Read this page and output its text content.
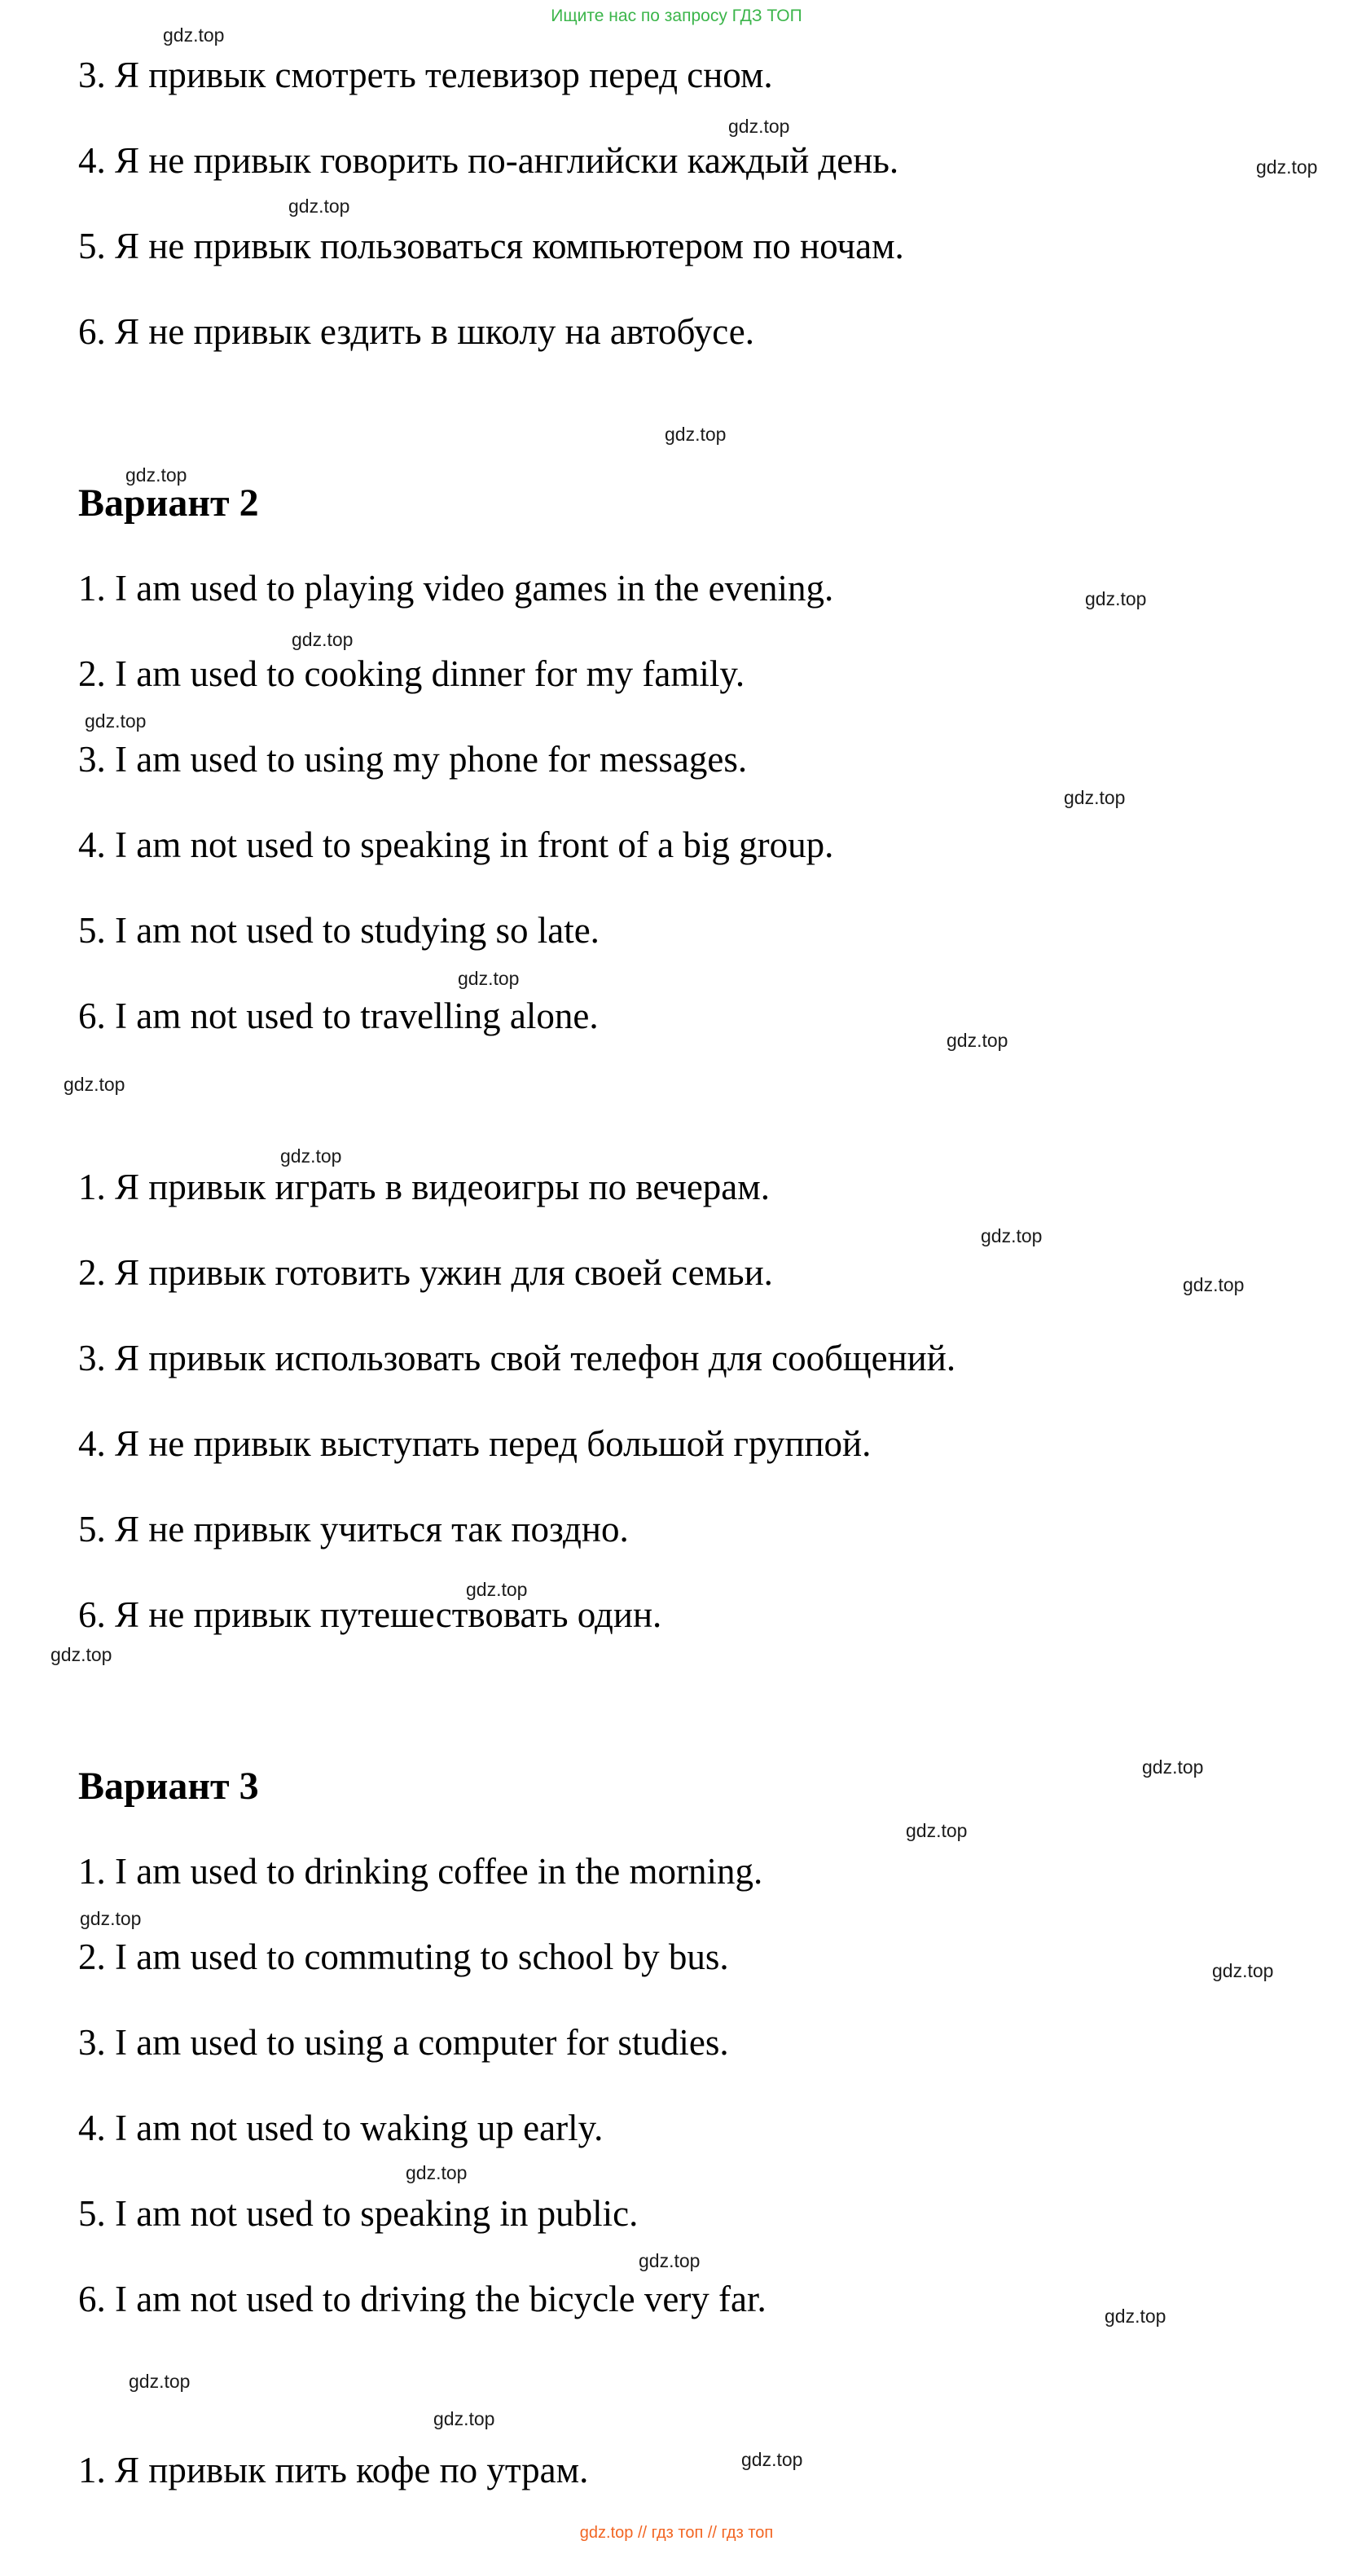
Ищите нас по запросу ГДЗ ТОП
gdz.top
gdz.top
gdz.top
gdz.top
gdz.top
gdz.top
gdz.top
gdz.top
gdz.top
gdz.top
gdz.top
gdz.top
gdz.top
gdz.top
gdz.top
gdz.top
gdz.top
gdz.top
gdz.top
gdz.top
gdz.top
gdz.top
gdz.top
gdz.top
gdz.top
gdz.top
gdz.top
gdz.top

3. Я привык смотреть телевизор перед сном.

4. Я не привык говорить по-английски каждый день.

5. Я не привык пользоваться компьютером по ночам.

6. Я не привык ездить в школу на автобусе.

Вариант 2

1. I am used to playing video games in the evening.

2. I am used to cooking dinner for my family.

3. I am used to using my phone for messages.

4. I am not used to speaking in front of a big group.

5. I am not used to studying so late.

6. I am not used to travelling alone.

1. Я привык играть в видеоигры по вечерам.

2. Я привык готовить ужин для своей семьи.

3. Я привык использовать свой телефон для сообщений.

4. Я не привык выступать перед большой группой.

5. Я не привык учиться так поздно.

6. Я не привык путешествовать один.

Вариант 3

1. I am used to drinking coffee in the morning.

2. I am used to commuting to school by bus.

3. I am used to using a computer for studies.

4. I am not used to waking up early.

5. I am not used to speaking in public.

6. I am not used to driving the bicycle very far.

1. Я привык пить кофе по утрам.

gdz.top // гдз топ // гдз топ
